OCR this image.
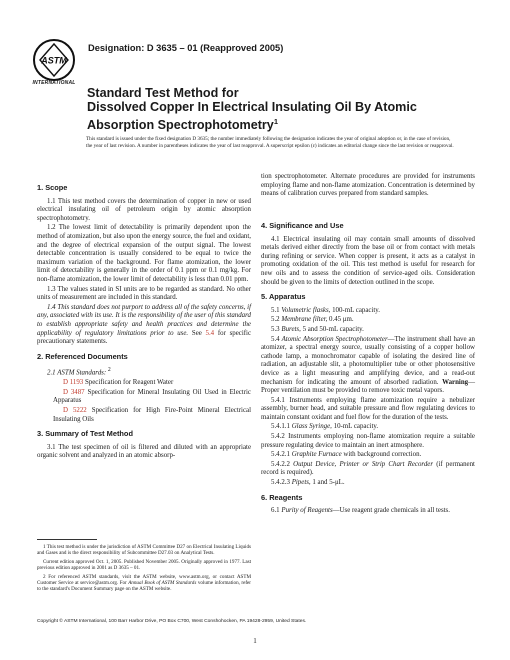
ASTM
INTERNATIONAL
Designation: D 3635 – 01 (Reapproved 2005)
Standard Test Method for
Dissolved Copper In Electrical Insulating Oil By Atomic
Absorption Spectrophotometry$^1$
This standard is issued under the fixed designation D 3635; the number immediately following the designation indicates the year of original adoption or, in the case of revision, the year of last revision. A number in parentheses indicates the year of last reapproval. A superscript epsilon (ε) indicates an editorial change since the last revision or reapproval.
1. Scope

1.1 This test method covers the determination of copper in new or used electrical insulating oil of petroleum origin by atomic absorption spectrophotometry.

1.2 The lowest limit of detectability is primarily dependent upon the method of atomization, but also upon the energy source, the fuel and oxidant, and the degree of electrical expansion of the output signal. The lowest detectable concentration is usually considered to be equal to twice the maximum variation of the background. For flame atomization, the lower limit of detectability is generally in the order of 0.1 ppm or 0.1 mg/kg. For non-flame atomization, the lower limit of detectability is less than 0.01 ppm.

1.3 The values stated in SI units are to be regarded as standard. No other units of measurement are included in this standard.

1.4 This standard does not purport to address all of the safety concerns, if any, associated with its use. It is the responsibility of the user of this standard to establish appropriate safety and health practices and determine the applicability of regulatory limitations prior to use. See 5.4 for specific precautionary statements.

2. Referenced Documents

2.1 ASTM Standards: $^2$

D 1193 Specification for Reagent Water

D 3487 Specification for Mineral Insulating Oil Used in Electric Apparatus

D 5222 Specification for High Fire-Point Mineral Electrical Insulating Oils

3. Summary of Test Method

3.1 The test specimen of oil is filtered and diluted with an appropriate organic solvent and analyzed in an atomic absorp-

4. Significance and Use

4.1 Electrical insulating oil may contain small amounts of dissolved metals derived either directly from the base oil or from contact with metals during refining or service. When copper is present, it acts as a catalyst in promoting oxidation of the oil. This test method is useful for research for new oils and to assess the condition of service-aged oils. Consideration should be given to the limits of detection outlined in the scope.

5. Apparatus

5.1 Volumetric flasks, 100-mL capacity.

5.2 Membrane filter, 0.45 μm.

5.3 Burets, 5 and 50-mL capacity.

5.4 Atomic Absorption Spectrophotometer—The instrument shall have an atomizer, a spectral energy source, usually consisting of a copper hollow cathode lamp, a monochromator capable of isolating the desired line of radiation, an adjustable slit, a photomultiplier tube or other photosensitive device as a light measuring and amplifying device, and a read-out mechanism for indicating the amount of absorbed radiation. Warning—Proper ventilation must be provided to remove toxic metal vapors.

5.4.1 Instruments employing flame atomization require a nebulizer assembly, burner head, and suitable pressure and flow regulating devices to maintain constant oxidant and fuel flow for the duration of the tests.

5.4.1.1 Glass Syringe, 10-mL capacity.

5.4.2 Instruments employing non-flame atomization require a suitable pressure regulating device to maintain an inert atmosphere.

5.4.2.1 Graphite Furnace with background correction.

5.4.2.2 Output Device, Printer or Strip Chart Recorder (if permanent record is required).

5.4.2.3 Pipets, 1 and 5-μL.

6. Reagents

6.1 Purity of Reagents—Use reagent grade chemicals in all tests.

tion spectrophotometer. Alternate procedures are provided for instruments employing flame and non-flame atomization. Concentration is determined by means of calibration curves prepared from standard samples.

1 This test method is under the jurisdiction of ASTM Committee D27 on Electrical Insulating Liquids and Gases and is the direct responsibility of Subcommittee D27.03 on Analytical Tests.

Current edition approved Oct. 1, 2005. Published November 2005. Originally approved in 1977. Last previous edition approved in 2001 as D 3635 – 01.

2 For referenced ASTM standards, visit the ASTM website, www.astm.org, or contact ASTM Customer Service at service@astm.org. For Annual Book of ASTM Standards volume information, refer to the standard's Document Summary page on the ASTM website.

Copyright © ASTM International, 100 Barr Harbor Drive, PO Box C700, West Conshohocken, PA 19428-2959, United States.
1
